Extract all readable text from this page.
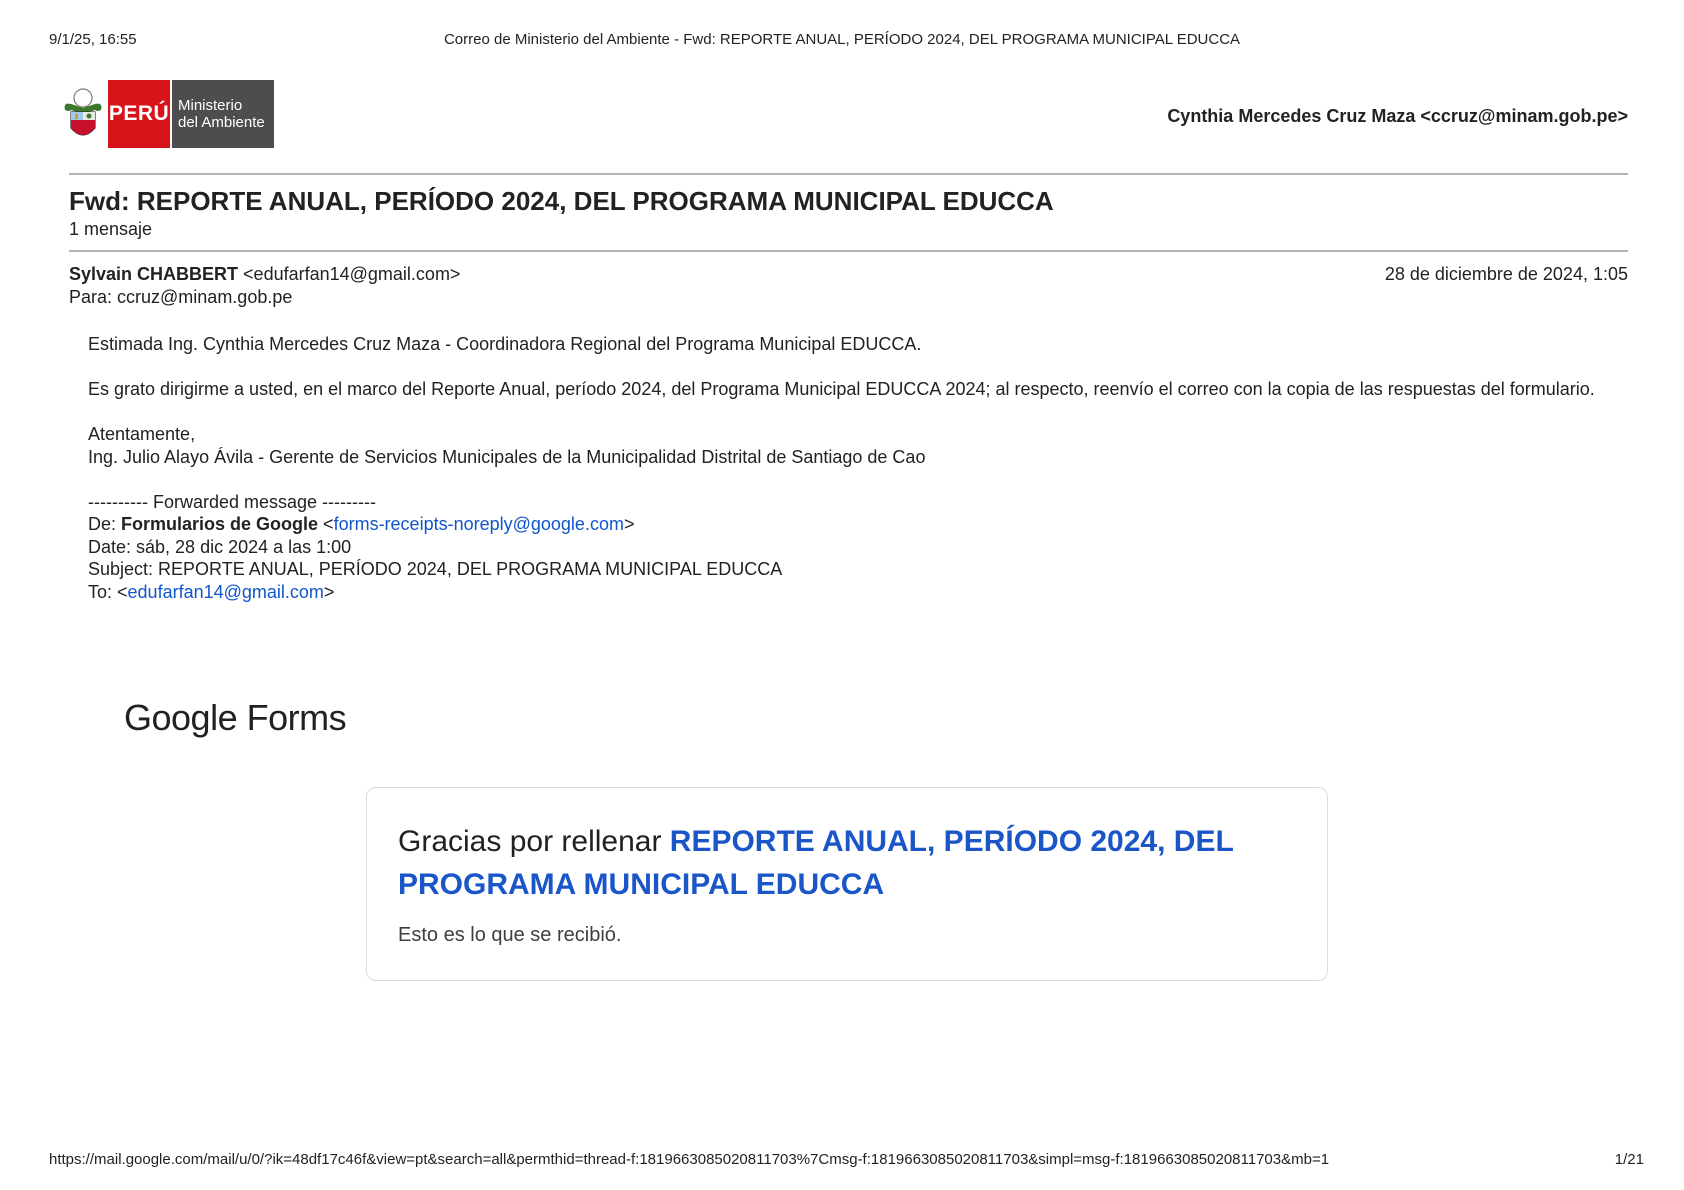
9/1/25, 16:55	Correo de Ministerio del Ambiente - Fwd: REPORTE ANUAL, PERÍODO 2024, DEL PROGRAMA MUNICIPAL EDUCCA
PERÚ Ministerio
del Ambiente	Cynthia Mercedes Cruz Maza <ccruz@minam.gob.pe>
Fwd: REPORTE ANUAL, PERÍODO 2024, DEL PROGRAMA MUNICIPAL EDUCCA
1 mensaje
Sylvain CHABBERT <edufarfan14@gmail.com>	28 de diciembre de 2024, 1:05
Para: ccruz@minam.gob.pe

Estimada Ing. Cynthia Mercedes Cruz Maza - Coordinadora Regional del Programa Municipal EDUCCA.

Es grato dirigirme a usted, en el marco del Reporte Anual, período 2024, del Programa Municipal EDUCCA 2024; al respecto, reenvío el correo con la copia de las respuestas del formulario.

Atentamente,

Ing. Julio Alayo Ávila - Gerente de Servicios Municipales de la Municipalidad Distrital de Santiago de Cao

---------- Forwarded message ---------

De: Formularios de Google <forms-receipts-noreply@google.com>

Date: sáb, 28 dic 2024 a las 1:00

Subject: REPORTE ANUAL, PERÍODO 2024, DEL PROGRAMA MUNICIPAL EDUCCA

To: <edufarfan14@gmail.com>

Google Forms
Gracias por rellenar REPORTE ANUAL, PERÍODO 2024, DEL PROGRAMA MUNICIPAL EDUCCA
Esto es lo que se recibió.
https://mail.google.com/mail/u/0/?ik=48df17c46f&view=pt&search=all&permthid=thread-f:1819663085020811703%7Cmsg-f:1819663085020811703&simpl=msg-f:1819663085020811703&mb=1	1/21
